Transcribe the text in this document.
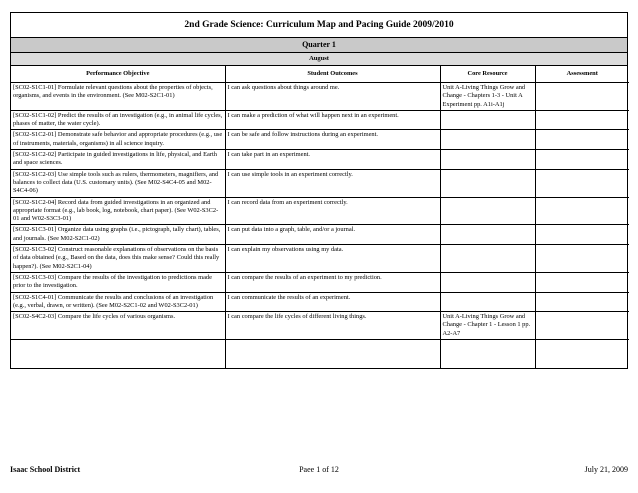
2nd Grade Science: Curriculum Map and Pacing Guide 2009/2010
Quarter 1
August
Performance Objective	Student Outcomes	Core Resource	Assessment
[SC02-S1C1-01] Formulate relevant questions about the properties of objects, organisms, and events in the environment. (See M02-S2C1-01)	I can ask questions about things around me.	Unit A-Living Things Grow and Change - Chapters 1-3 - Unit A Experiment pp. A1i-A1j	
[SC02-S1C1-02] Predict the results of an investigation (e.g., in animal life cycles, phases of matter, the water cycle).	I can make a prediction of what will happen next in an experiment.		
[SC02-S1C2-01] Demonstrate safe behavior and appropriate procedures (e.g., use of instruments, materials, organisms) in all science inquiry.	I can be safe and follow instructions during an experiment.		
[SC02-S1C2-02] Participate in guided investigations in life, physical, and Earth and space sciences.	I can take part in an experiment.		
[SC02-S1C2-03] Use simple tools such as rulers, thermometers, magnifiers, and balances to collect data (U.S. customary units). (See M02-S4C4-05 and M02-S4C4-06)	I can use simple tools in an experiment correctly.		
[SC02-S1C2-04] Record data from guided investigations in an organized and appropriate format (e.g., lab book, log, notebook, chart paper). (See W02-S3C2-01 and W02-S3C3-01)	I can record data from an experiment correctly.		
[SC02-S1C3-01] Organize data using graphs (i.e., pictograph, tally chart), tables, and journals. (See M02-S2C1-02)	I can put data into a graph, table, and/or a journal.		
[SC02-S1C3-02] Construct reasonable explanations of observations on the basis of data obtained (e.g., Based on the data, does this make sense? Could this really happen?). (See M02-S2C1-04)	I can explain my observations using my data.		
[SC02-S1C3-03] Compare the results of the investigation to predictions made prior to the investigation.	I can compare the results of an experiment to my prediction.		
[SC02-S1C4-01] Communicate the results and conclusions of an investigation (e.g., verbal, drawn, or written). (See M02-S2C1-02 and W02-S3C2-01)	I can communicate the results of an experiment.		
[SC02-S4C2-03] Compare the life cycles of various organisms.	I can compare the life cycles of different living things.	Unit A-Living Things Grow and Change - Chapter 1 - Lesson 1 pp. A2-A7	

Isaac School District	Paee 1 of 12	July 21, 2009
